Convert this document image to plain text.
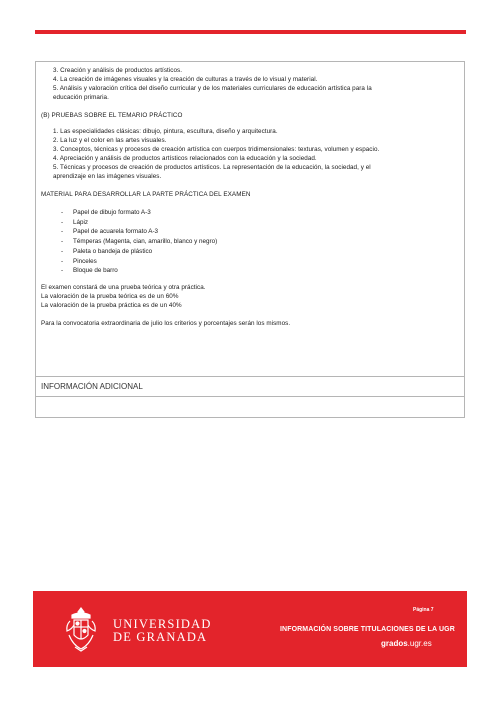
3. Creación y análisis de productos artísticos.
4. La creación de imágenes visuales y la creación de culturas a través de lo visual y material.
5. Análisis y valoración crítica del diseño curricular y de los materiales curriculares de educación artística para la
educación primaria.
(B) PRUEBAS SOBRE EL TEMARIO PRÁCTICO
1. Las especialidades clásicas: dibujo, pintura, escultura, diseño y arquitectura.
2. La luz y el color en las artes visuales.
3. Conceptos, técnicas y procesos de creación artística con cuerpos tridimensionales: texturas, volumen y espacio.
4. Apreciación y análisis de productos artísticos relacionados con la educación y la sociedad.
5. Técnicas y procesos de creación de productos artísticos. La representación de la educación, la sociedad, y el
aprendizaje en las imágenes visuales.
MATERIAL PARA DESARROLLAR LA PARTE PRÁCTICA DEL EXAMEN
-	Papel de dibujo formato A-3
-	Lápiz
-	Papel de acuarela formato A-3
-	Témperas (Magenta, cian, amarillo, blanco y negro)
-	Paleta o bandeja de plástico
-	Pinceles
-	Bloque de barro
El examen constará de una prueba teórica y otra práctica.
La valoración de la prueba teórica es de un 60%
La valoración de la prueba práctica es de un 40%
Para la convocatoria extraordinaria de julio los criterios y porcentajes serán los mismos.
INFORMACIÓN ADICIONAL
UNIVERSIDAD
DE GRANADA
Página 7
INFORMACIÓN SOBRE TITULACIONES DE LA UGR
grados.ugr.es
